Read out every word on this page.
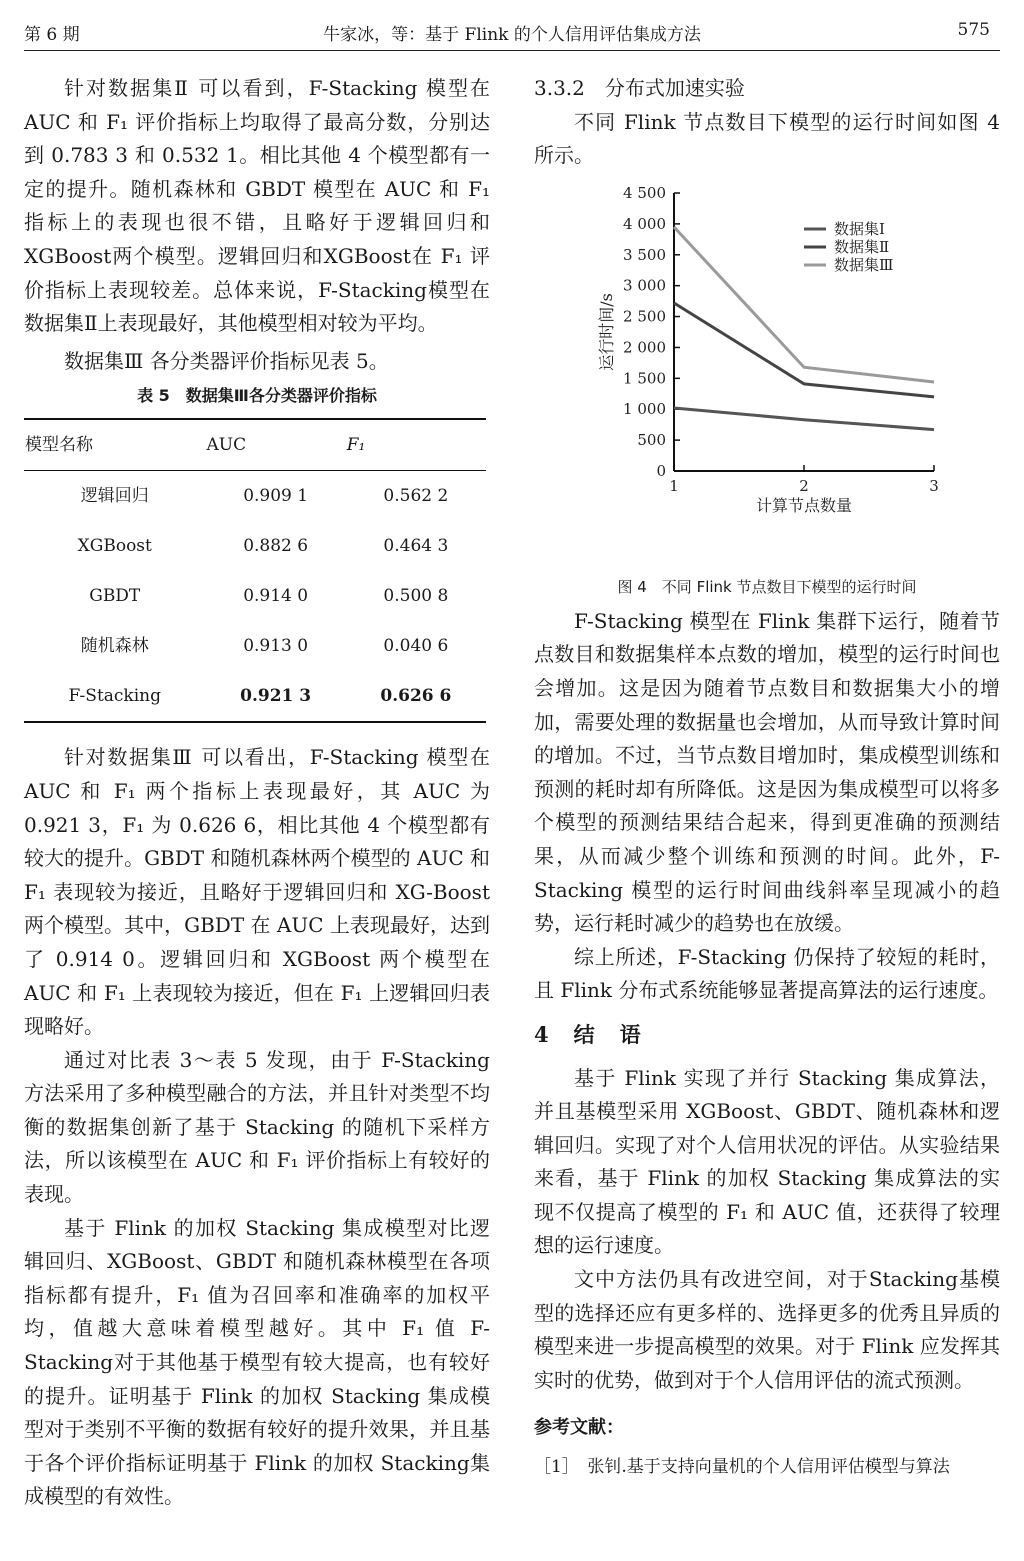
第 6 期	牛家冰，等：基于 Flink 的个人信用评估集成方法	575

针对数据集Ⅱ 可以看到，F-Stacking 模型在 AUC 和 F₁ 评价指标上均取得了最高分数，分别达到 0.783 3 和 0.532 1。相比其他 4 个模型都有一定的提升。随机森林和 GBDT 模型在 AUC 和 F₁ 指标上的表现也很不错，且略好于逻辑回归和 XGBoost两个模型。逻辑回归和XGBoost在 F₁ 评价指标上表现较差。总体来说，F-Stacking模型在数据集Ⅱ上表现最好，其他模型相对较为平均。

数据集Ⅲ 各分类器评价指标见表 5。

表 5　数据集Ⅲ各分类器评价指标

模型名称	AUC	F₁
逻辑回归	0.909 1	0.562 2
XGBoost	0.882 6	0.464 3
GBDT	0.914 0	0.500 8
随机森林	0.913 0	0.040 6
F-Stacking	0.921 3	0.626 6

针对数据集Ⅲ 可以看出，F-Stacking 模型在 AUC 和 F₁ 两个指标上表现最好，其 AUC 为 0.921 3，F₁ 为 0.626 6，相比其他 4 个模型都有较大的提升。GBDT 和随机森林两个模型的 AUC 和 F₁ 表现较为接近，且略好于逻辑回归和 XG-Boost 两个模型。其中，GBDT 在 AUC 上表现最好，达到了 0.914 0。逻辑回归和 XGBoost 两个模型在 AUC 和 F₁ 上表现较为接近，但在 F₁ 上逻辑回归表现略好。

通过对比表 3～表 5 发现，由于 F-Stacking 方法采用了多种模型融合的方法，并且针对类型不均衡的数据集创新了基于 Stacking 的随机下采样方法，所以该模型在 AUC 和 F₁ 评价指标上有较好的表现。

基于 Flink 的加权 Stacking 集成模型对比逻辑回归、XGBoost、GBDT 和随机森林模型在各项指标都有提升，F₁ 值为召回率和准确率的加权平均，值越大意味着模型越好。其中 F₁ 值 F-Stacking对于其他基于模型有较大提高，也有较好的提升。证明基于 Flink 的加权 Stacking 集成模型对于类别不平衡的数据有较好的提升效果，并且基于各个评价指标证明基于 Flink 的加权 Stacking集成模型的有效性。

3.3.2　分布式加速实验

不同 Flink 节点数目下模型的运行时间如图 4 所示。

0
500
1 000
1 500
2 000
2 500
3 000
3 500
4 000
4 500
1	2	3
计算节点数量
运行时间/s
数据集Ⅰ
数据集Ⅱ
数据集Ⅲ

图 4　不同 Flink 节点数目下模型的运行时间

F-Stacking 模型在 Flink 集群下运行，随着节点数目和数据集样本点数的增加，模型的运行时间也会增加。这是因为随着节点数目和数据集大小的增加，需要处理的数据量也会增加，从而导致计算时间的增加。不过，当节点数目增加时，集成模型训练和预测的耗时却有所降低。这是因为集成模型可以将多个模型的预测结果结合起来，得到更准确的预测结果，从而减少整个训练和预测的时间。此外，F-Stacking 模型的运行时间曲线斜率呈现减小的趋势，运行耗时减少的趋势也在放缓。

综上所述，F-Stacking 仍保持了较短的耗时，且 Flink 分布式系统能够显著提高算法的运行速度。

4　结　语

基于 Flink 实现了并行 Stacking 集成算法，并且基模型采用 XGBoost、GBDT、随机森林和逻辑回归。实现了对个人信用状况的评估。从实验结果来看，基于 Flink 的加权 Stacking 集成算法的实现不仅提高了模型的 F₁ 和 AUC 值，还获得了较理想的运行速度。

文中方法仍具有改进空间，对于Stacking基模型的选择还应有更多样的、选择更多的优秀且异质的模型来进一步提高模型的效果。对于 Flink 应发挥其实时的优势，做到对于个人信用评估的流式预测。

参考文献：

［1］　张钊.基于支持向量机的个人信用评估模型与算法
